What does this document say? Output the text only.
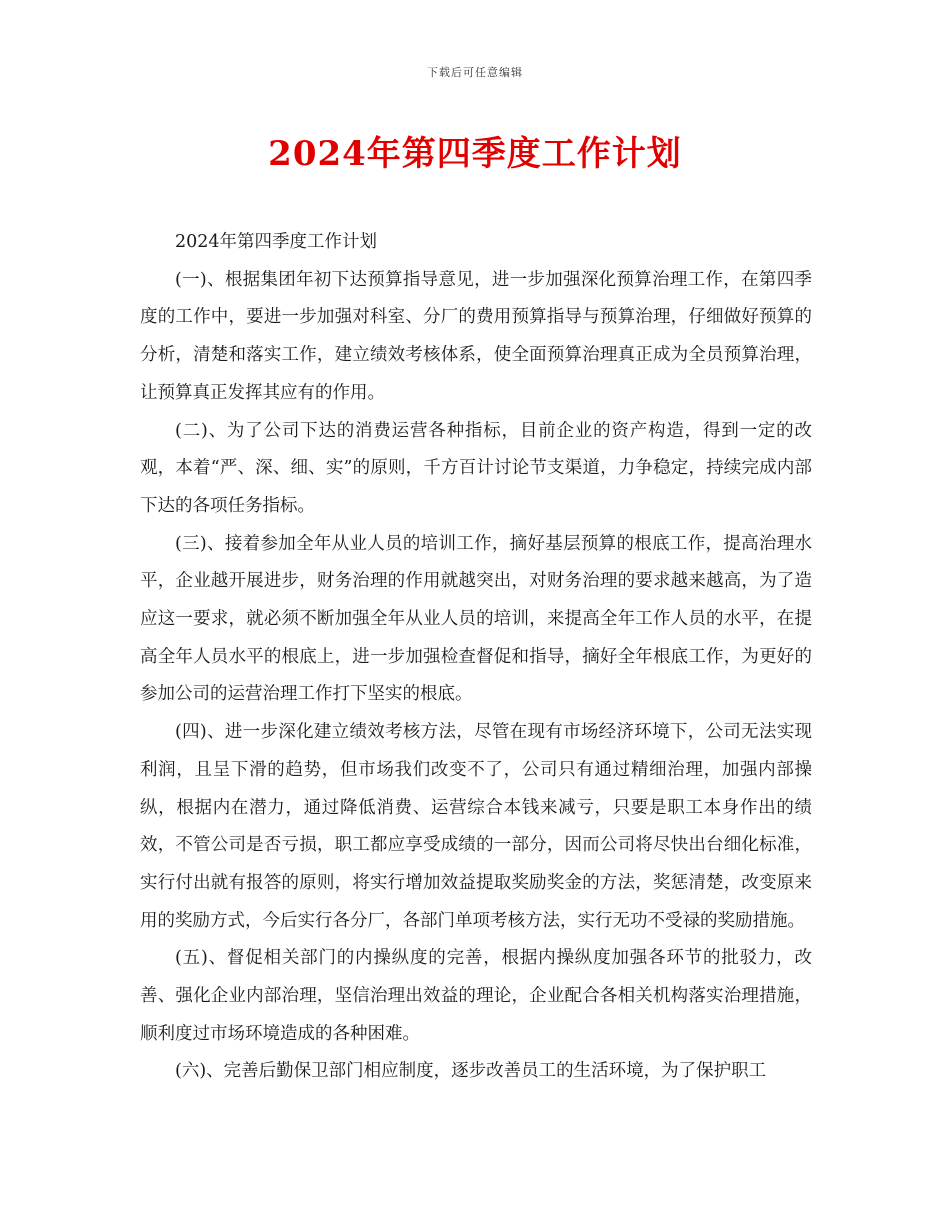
下载后可任意编辑
2024年第四季度工作计划

2024年第四季度工作计划

(一)、根据集团年初下达预算指导意见，进一步加强深化预算治理工作，在第四季度的工作中，要进一步加强对科室、分厂的费用预算指导与预算治理，仔细做好预算的分析，清楚和落实工作，建立绩效考核体系，使全面预算治理真正成为全员预算治理，让预算真正发挥其应有的作用。

(二)、为了公司下达的消费运营各种指标，目前企业的资产构造，得到一定的改观，本着“严、深、细、实”的原则，千方百计讨论节支渠道，力争稳定，持续完成内部下达的各项任务指标。

(三)、接着参加全年从业人员的培训工作，摘好基层预算的根底工作，提高治理水平，企业越开展进步，财务治理的作用就越突出，对财务治理的要求越来越高，为了造应这一要求，就必须不断加强全年从业人员的培训，来提高全年工作人员的水平，在提高全年人员水平的根底上，进一步加强检查督促和指导，摘好全年根底工作，为更好的参加公司的运营治理工作打下坚实的根底。

(四)、进一步深化建立绩效考核方法，尽管在现有市场经济环境下，公司无法实现利润，且呈下滑的趋势，但市场我们改变不了，公司只有通过精细治理，加强内部操纵，根据内在潜力，通过降低消费、运营综合本钱来减亏，只要是职工本身作出的绩效，不管公司是否亏损，职工都应享受成绩的一部分，因而公司将尽快出台细化标准，实行付出就有报答的原则，将实行增加效益提取奖励奖金的方法，奖惩清楚，改变原来用的奖励方式，今后实行各分厂，各部门单项考核方法，实行无功不受禄的奖励措施。

(五)、督促相关部门的内操纵度的完善，根据内操纵度加强各环节的批驳力，改善、强化企业内部治理，坚信治理出效益的理论，企业配合各相关机构落实治理措施，顺利度过市场环境造成的各种困难。

(六)、完善后勤保卫部门相应制度，逐步改善员工的生活环境，为了保护职工
